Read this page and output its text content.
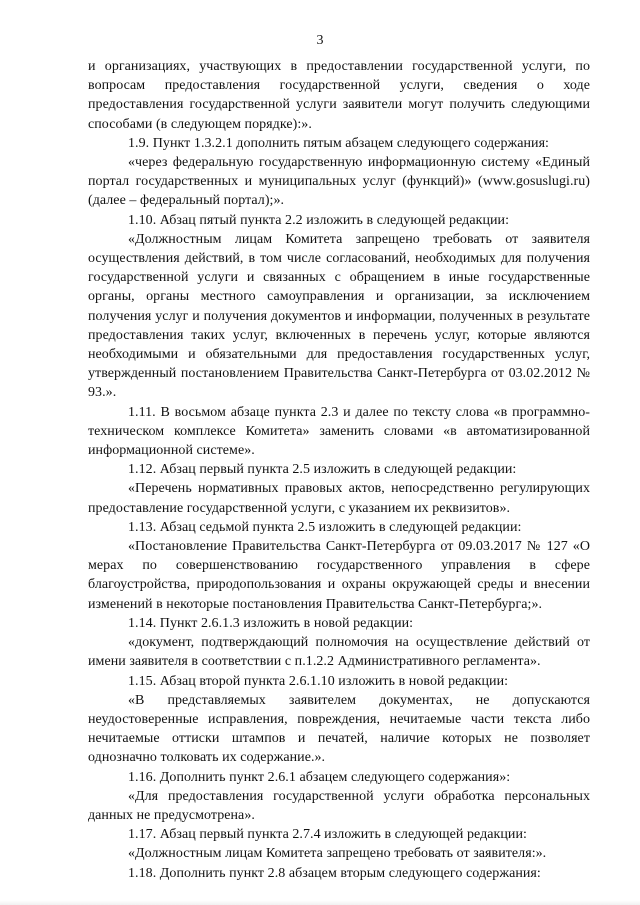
3

и организациях, участвующих в предоставлении государственной услуги, по вопросам предоставления государственной услуги, сведения о ходе предоставления государственной услуги заявители могут получить следующими способами (в следующем порядке):».

1.9. Пункт 1.3.2.1 дополнить пятым абзацем следующего содержания:

«через федеральную государственную информационную систему «Единый портал государственных и муниципальных услуг (функций)» (www.gosuslugi.ru) (далее – федеральный портал);».

1.10. Абзац пятый пункта 2.2 изложить в следующей редакции:

«Должностным лицам Комитета запрещено требовать от заявителя осуществления действий, в том числе согласований, необходимых для получения государственной услуги и связанных с обращением в иные государственные органы, органы местного самоуправления и организации, за исключением получения услуг и получения документов и информации, полученных в результате предоставления таких услуг, включенных в перечень услуг, которые являются необходимыми и обязательными для предоставления государственных услуг, утвержденный постановлением Правительства Санкт-Петербурга от 03.02.2012 № 93.».

1.11. В восьмом абзаце пункта 2.3 и далее по тексту слова «в программно-техническом комплексе Комитета» заменить словами «в автоматизированной информационной системе».

1.12. Абзац первый пункта 2.5 изложить в следующей редакции:

«Перечень нормативных правовых актов, непосредственно регулирующих предоставление государственной услуги, с указанием их реквизитов».

1.13. Абзац седьмой пункта 2.5 изложить в следующей редакции:

«Постановление Правительства Санкт-Петербурга от 09.03.2017 № 127 «О мерах по совершенствованию государственного управления в сфере благоустройства, природопользования и охраны окружающей среды и внесении изменений в некоторые постановления Правительства Санкт-Петербурга;».

1.14. Пункт 2.6.1.3 изложить в новой редакции:

«документ, подтверждающий полномочия на осуществление действий от имени заявителя в соответствии с п.1.2.2 Административного регламента».

1.15. Абзац второй пункта 2.6.1.10 изложить в новой редакции:

«В представляемых заявителем документах, не допускаются неудостоверенные исправления, повреждения, нечитаемые части текста либо нечитаемые оттиски штампов и печатей, наличие которых не позволяет однозначно толковать их содержание.».

1.16. Дополнить пункт 2.6.1 абзацем следующего содержания»:

«Для предоставления государственной услуги обработка персональных данных не предусмотрена».

1.17. Абзац первый пункта 2.7.4 изложить в следующей редакции:

«Должностным лицам Комитета запрещено требовать от заявителя:».

1.18. Дополнить пункт 2.8 абзацем вторым следующего содержания:
